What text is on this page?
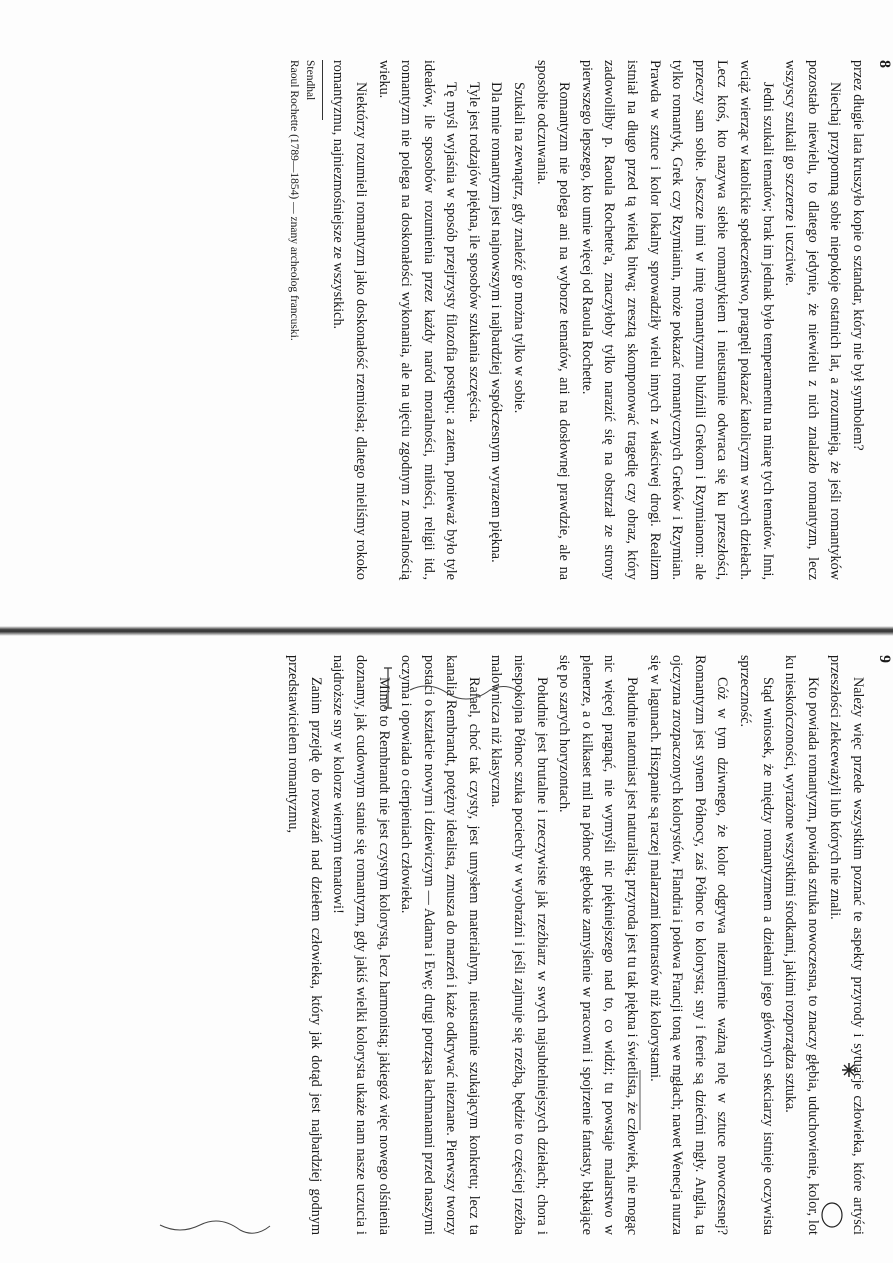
8

przez długie lata kruszyło kopie o sztandar, który nie był symbolem?

Niechaj przypomną sobie niepokoje ostatnich lat, a zrozumieją, że jeśli romantyków pozostało niewielu, to dlatego jedynie, że niewielu z nich znalazło romantyzm, lecz wszyscy szukali go szczerze i uczciwie.

Jedni szukali tematów; brak im jednak było temperamentu na miarę tych tematów. Inni, wciąż wierząc w katolickie społeczeństwo, pragnęli pokazać katolicyzm w swych dziełach. Lecz ktoś, kto nazywa siebie romantykiem i nieustannie odwraca się ku przeszłości, przeczy sam sobie. Jeszcze inni w imię romantyzmu bluźnili Grekom i Rzymianom: ale tylko romantyk, Grek czy Rzymianin, może pokazać romantycznych Greków i Rzymian. Prawda w sztuce i kolor lokalny sprowadziły wielu innych z właściwej drogi. Realizm istniał na długo przed tą wielką bitwą; zresztą skomponować tragedię czy obraz, który zadowoliłby p. Raoula Rochette'a, znaczyłoby tylko narazić się na obstrzał ze strony pierwszego lepszego, kto umie więcej od Raoula Rochette.

Romantyzm nie polega ani na wyborze tematów, ani na dosłownej prawdzie, ale na sposobie odczuwania.

Szukali na zewnątrz, gdy znaleźć go można tylko w sobie.

Dla mnie romantyzm jest najnowszym i najbardziej współczesnym wyrazem piękna.

Tyle jest rodzajów piękna, ile sposobów szukania szczęścia.

Tę myśl wyjaśnia w sposób przejrzysty filozofia postępu; a zatem, ponieważ było tyle ideałów, ile sposobów rozumienia przez każdy naród moralności, miłości, religii itd., romantyzm nie polega na doskonałości wykonania, ale na ujęciu zgodnym z moralnością wieku.

Niektórzy rozumieli romantyzm jako doskonałość rzemiosła; dlatego mieliśmy rokoko romantyzmu, najniezmośniejsze ze wszystkich.

Stendhal

Raoul Rochette (1789—1854) — znany archeolog francuski.

9

Należy więc przede wszystkim poznać te aspekty przyrody i sytuacje człowieka, które artyści przeszłości zlekceważyli lub których nie znali.

Kto powiada romantyzm, powiada sztuka nowoczesna, to znaczy głębia, uduchowienie, kolor, lot ku nieskończoności, wyrażone wszystkimi środkami, jakimi rozporządza sztuka.

Stąd wniosek, że między romantyzmem a dziełami jego głównych sekciarzy istnieje oczywista sprzeczność.

Cóż w tym dziwnego, że kolor odgrywa niezmiernie ważną rolę w sztuce nowoczesnej? Romantyzm jest synem Północy, zaś Północ to kolorysta; sny i feerie są dziećmi mgły. Anglia, ta ojczyzna zrozpaczonych kolorystów, Flandria i połowa Francji toną we mgłach; nawet Wenecja nurza się w lagunach. Hiszpanie są raczej malarzami kontrastów niż kolorystami.

Południe natomiast jest naturalistą; przyroda jest tu tak piękna i świetlista, że człowiek, nie mogąc nic więcej pragnąć, nie wymyśli nic piękniejszego nad to, co widzi; tu powstaje malarstwo w plenerze, a o kilkaset mil na północ głębokie zamyślenie w pracowni i spojrzenie fantasty, błąkające się po szarych horyzontach.

Południe jest brutalne i rzeczywiste jak rzeźbiarz w swych najsubtelniejszych dziełach; chora i niespokojna Północ szuka pociechy w wyobraźni i jeśli zajmuje się rzeźbą, będzie to częściej rzeźba malownicza niż klasyczna.

Rafael, choć tak czysty, jest umysłem materialnym, nieustannie szukającym konkretu; lecz ta kanalia Rembrandt, potężny idealista, zmusza do marzeń i każe odkrywać nieznane. Pierwszy tworzy postaci o kształcie nowym i dziewiczym — Adama i Ewę; drugi potrząsa łachmanami przed naszymi oczyma i opowiada o cierpieniach człowieka.

Mimo to Rembrandt nie jest czystym kolorystą, lecz harmonistą; jakiegoż więc nowego olśnienia doznamy, jak cudownym stanie się romantyzm, gdy jakiś wielki kolorysta ukaże nam nasze uczucia i najdroższe sny w kolorze wiernym tematowi!

Zanim przejdę do rozważań nad dziełem człowieka, który jak dotąd jest najbardziej godnym przedstawicielem romantyzmu,
